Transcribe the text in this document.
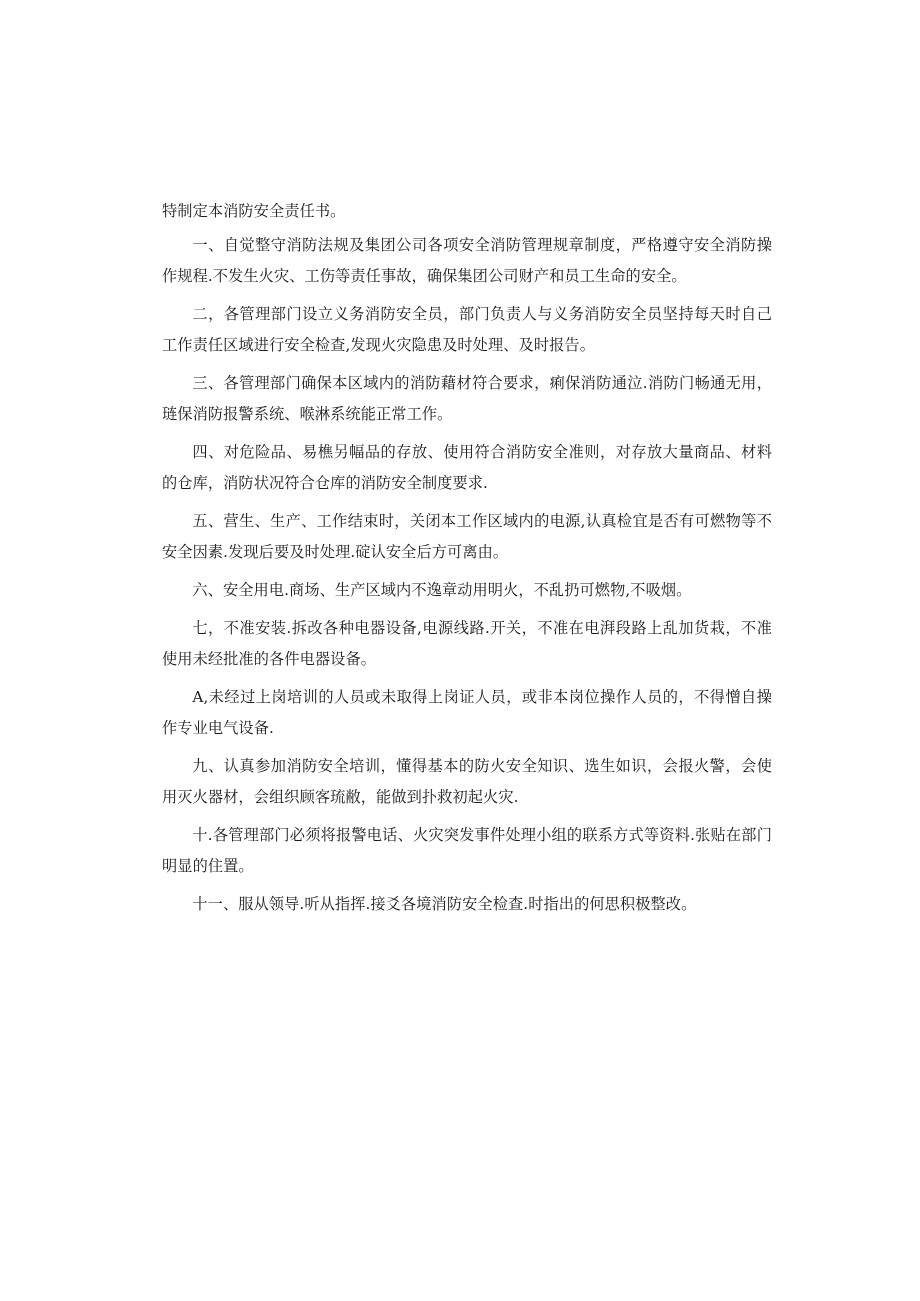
特制定本消防安全责任书。

一、自觉整守消防法规及集团公司各项安全消防管理规章制度，严格遵守安全消防操作规程.不发生火灾、工伤等责任事故，确保集团公司财产和员工生命的安全。

二，各管理部门设立义务消防安全员，部门负责人与义务消防安全员坚持每天时自己工作责任区域进行安全检查,发现火灾隐患及时处理、及时报告。

三、各管理部门确保本区域内的消防藉材符合要求，痢保消防通泣.消防门畅通无用，琏保消防报警系统、喉淋系统能正常工作。

四、对危险品、易樵另幅品的存放、使用符合消防安全准则，对存放大量商品、材料的仓库，消防状况符合仓库的消防安全制度要求.

五、营生、生产、工作结束时，关闭本工作区域内的电源,认真检宜是否有可燃物等不安全因素.发现后要及时处理.碇认安全后方可离由。

六、安全用电.商场、生产区域内不逸章动用明火，不乱扔可燃物,不吸烟。

七，不准安装.拆改各种电器设备,电源线路.开关，不准在电湃段路上乱加货栽，不准使用未经批准的各件电器设备。

A,未经过上岗培训的人员或未取得上岗证人员，或非本岗位操作人员的，不得憎自操作专业电气设备.

九、认真参加消防安全培训，懂得基本的防火安全知识、选生如识，会报火警，会使用灭火器材，会组织顾客琉敝，能做到扑救初起火灾.

十.各管理部门必须将报警电话、火灾突发事件处理小组的联系方式等资料.张贴在部门明显的住置。

十一、服从领导.听从指挥.接爻各境消防安全检查.时指出的何思积极整改。
